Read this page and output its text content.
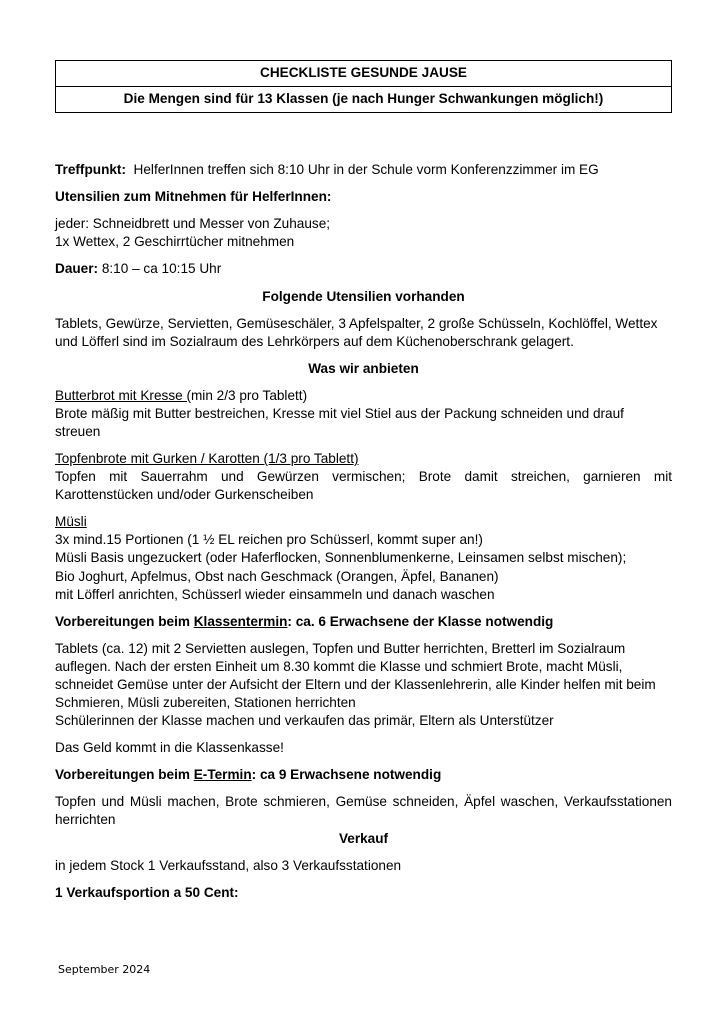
CHECKLISTE GESUNDE JAUSE
Die Mengen sind für 13 Klassen (je nach Hunger Schwankungen möglich!)

Treffpunkt: HelferInnen treffen sich 8:10 Uhr in der Schule vorm Konferenzzimmer im EG

Utensilien zum Mitnehmen für HelferInnen:

jeder: Schneidbrett und Messer von Zuhause;
1x Wettex, 2 Geschirrtücher mitnehmen

Dauer: 8:10 – ca 10:15 Uhr

Folgende Utensilien vorhanden

Tablets, Gewürze, Servietten, Gemüseschäler, 3 Apfelspalter, 2 große Schüsseln, Kochlöffel, Wettex und Löfferl sind im Sozialraum des Lehrkörpers auf dem Küchenoberschrank gelagert.

Was wir anbieten

Butterbrot mit Kresse (min 2/3 pro Tablett)
Brote mäßig mit Butter bestreichen, Kresse mit viel Stiel aus der Packung schneiden und drauf streuen

Topfenbrote mit Gurken / Karotten (1/3 pro Tablett)
Topfen mit Sauerrahm und Gewürzen vermischen; Brote damit streichen, garnieren mit Karottenstücken und/oder Gurkenscheiben

Müsli
3x mind.15 Portionen (1 ½ EL reichen pro Schüsserl, kommt super an!)
Müsli Basis ungezuckert (oder Haferflocken, Sonnenblumenkerne, Leinsamen selbst mischen);
Bio Joghurt, Apfelmus, Obst nach Geschmack (Orangen, Äpfel, Bananen)
mit Löfferl anrichten, Schüsserl wieder einsammeln und danach waschen

Vorbereitungen beim Klassentermin: ca. 6 Erwachsene der Klasse notwendig

Tablets (ca. 12) mit 2 Servietten auslegen, Topfen und Butter herrichten, Bretterl im Sozialraum auflegen. Nach der ersten Einheit um 8.30 kommt die Klasse und schmiert Brote, macht Müsli, schneidet Gemüse unter der Aufsicht der Eltern und der Klassenlehrerin, alle Kinder helfen mit beim Schmieren, Müsli zubereiten, Stationen herrichten
Schülerinnen der Klasse machen und verkaufen das primär, Eltern als Unterstützer

Das Geld kommt in die Klassenkasse!

Vorbereitungen beim E-Termin: ca 9 Erwachsene notwendig

Topfen und Müsli machen, Brote schmieren, Gemüse schneiden, Äpfel waschen, Verkaufsstationen herrichten

Verkauf

in jedem Stock 1 Verkaufsstand, also 3 Verkaufsstationen

1 Verkaufsportion a 50 Cent:

September 2024
